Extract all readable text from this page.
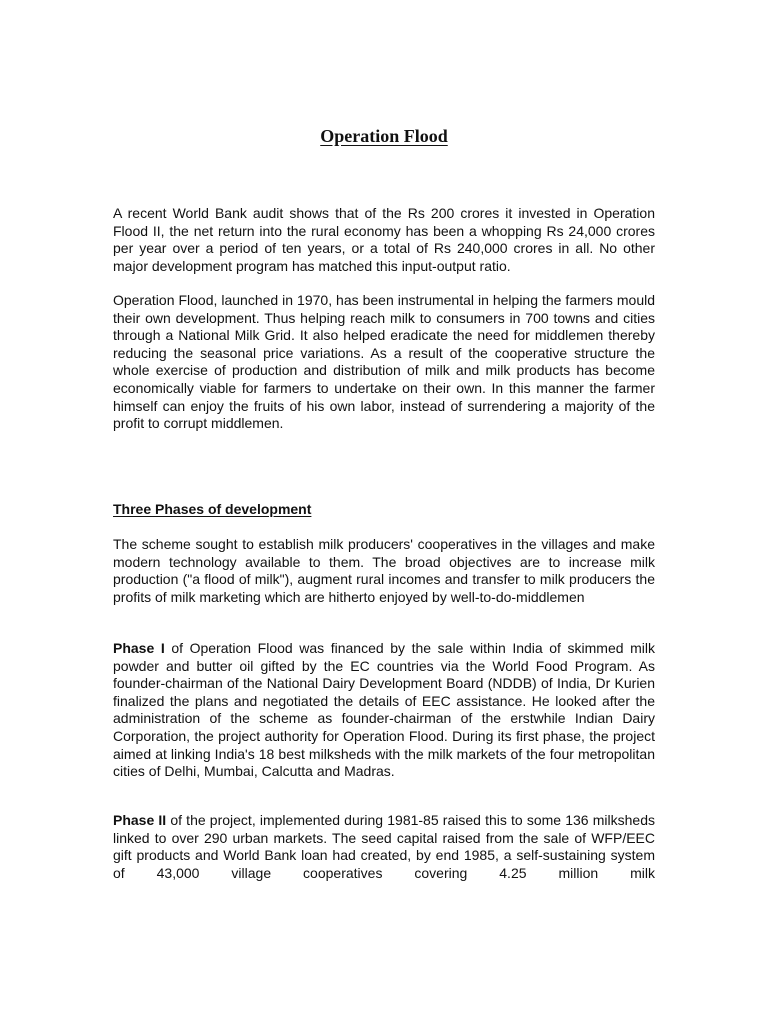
Operation Flood

A recent World Bank audit shows that of the Rs 200 crores it invested in Operation Flood II, the net return into the rural economy has been a whopping Rs 24,000 crores per year over a period of ten years, or a total of Rs 240,000 crores in all. No other major development program has matched this input-output ratio.

Operation Flood, launched in 1970, has been instrumental in helping the farmers mould their own development. Thus helping reach milk to consumers in 700 towns and cities through a National Milk Grid. It also helped eradicate the need for middlemen thereby reducing the seasonal price variations. As a result of the cooperative structure the whole exercise of production and distribution of milk and milk products has become economically viable for farmers to undertake on their own. In this manner the farmer himself can enjoy the fruits of his own labor, instead of surrendering a majority of the profit to corrupt middlemen.

Three Phases of development

The scheme sought to establish milk producers' cooperatives in the villages and make modern technology available to them. The broad objectives are to increase milk production ("a flood of milk"), augment rural incomes and transfer to milk producers the profits of milk marketing which are hitherto enjoyed by well-to-do-middlemen

Phase I of Operation Flood was financed by the sale within India of skimmed milk powder and butter oil gifted by the EC countries via the World Food Program. As founder-chairman of the National Dairy Development Board (NDDB) of India, Dr Kurien finalized the plans and negotiated the details of EEC assistance. He looked after the administration of the scheme as founder-chairman of the erstwhile Indian Dairy Corporation, the project authority for Operation Flood. During its first phase, the project aimed at linking India's 18 best milksheds with the milk markets of the four metropolitan cities of Delhi, Mumbai, Calcutta and Madras.

Phase II of the project, implemented during 1981-85 raised this to some 136 milksheds linked to over 290 urban markets. The seed capital raised from the sale of WFP/EEC gift products and World Bank loan had created, by end 1985, a self-sustaining system of 43,000 village cooperatives covering 4.25 million milk
